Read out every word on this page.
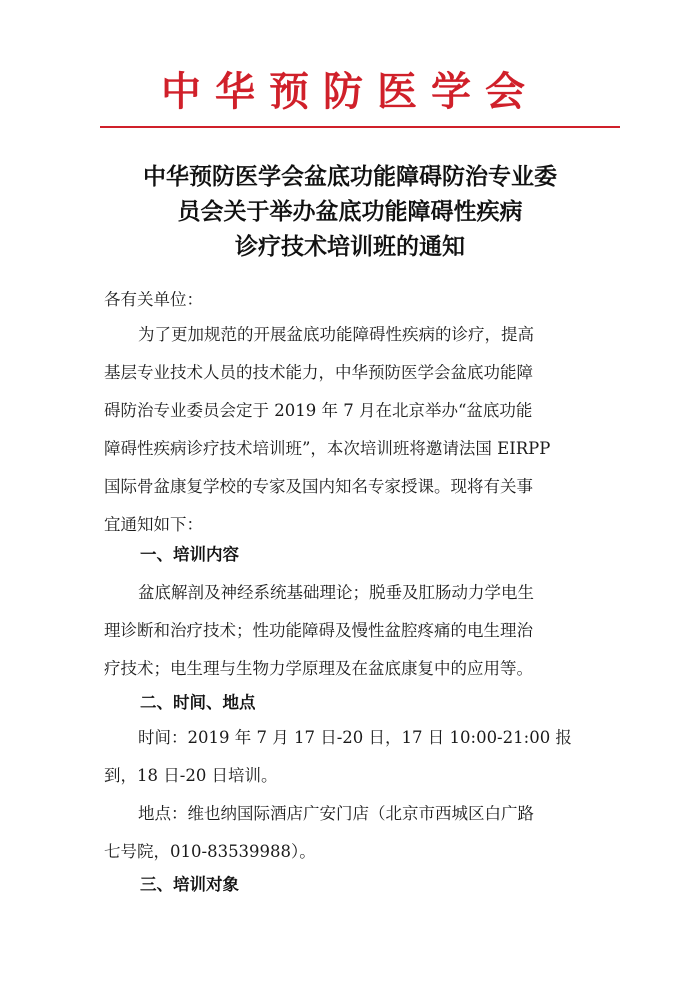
中华预防医学会
中华预防医学会盆底功能障碍防治专业委
员会关于举办盆底功能障碍性疾病
诊疗技术培训班的通知
各有关单位：
为了更加规范的开展盆底功能障碍性疾病的诊疗，提高
基层专业技术人员的技术能力，中华预防医学会盆底功能障
碍防治专业委员会定于 2019 年 7 月在北京举办“盆底功能
障碍性疾病诊疗技术培训班”，本次培训班将邀请法国 EIRPP
国际骨盆康复学校的专家及国内知名专家授课。现将有关事
宜通知如下：
一、培训内容
盆底解剖及神经系统基础理论；脱垂及肛肠动力学电生
理诊断和治疗技术；性功能障碍及慢性盆腔疼痛的电生理治
疗技术；电生理与生物力学原理及在盆底康复中的应用等。
二、时间、地点
时间：2019 年 7 月 17 日-20 日，17 日 10:00-21:00 报
到，18 日-20 日培训。
地点：维也纳国际酒店广安门店（北京市西城区白广路
七号院，010-83539988）。
三、培训对象
